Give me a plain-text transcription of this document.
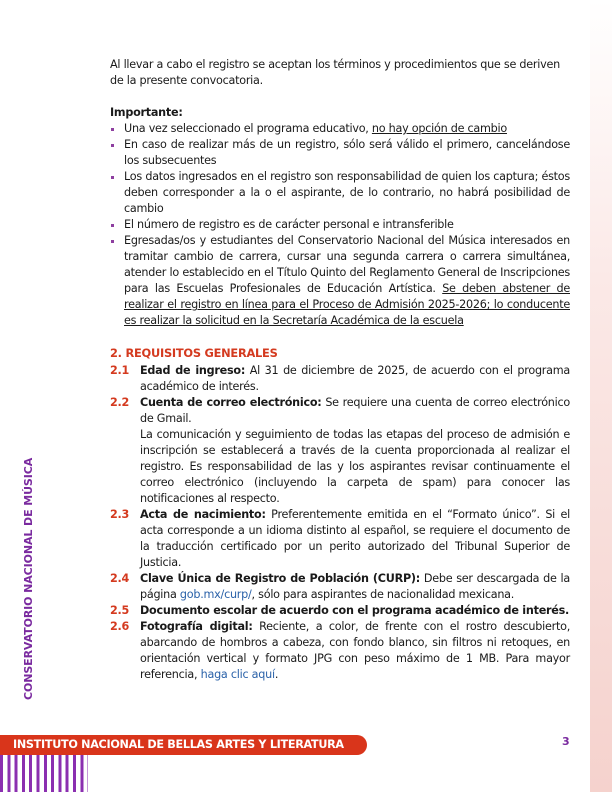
Al llevar a cabo el registro se aceptan los términos y procedimientos que se deriven de la presente convocatoria.

Importante:

Una vez seleccionado el programa educativo, no hay opción de cambio
En caso de realizar más de un registro, sólo será válido el primero, cancelándose los subsecuentes
Los datos ingresados en el registro son responsabilidad de quien los captura; éstos deben corresponder a la o el aspirante, de lo contrario, no habrá posibilidad de cambio
El número de registro es de carácter personal e intransferible
Egresadas/os y estudiantes del Conservatorio Nacional del Música interesados en tramitar cambio de carrera, cursar una segunda carrera o carrera simultánea, atender lo establecido en el Título Quinto del Reglamento General de Inscripciones para las Escuelas Profesionales de Educación Artística. Se deben abstener de realizar el registro en línea para el Proceso de Admisión 2025-2026; lo conducente es realizar la solicitud en la Secretaría Académica de la escuela
2. REQUISITOS GENERALES
2.1 Edad de ingreso: Al 31 de diciembre de 2025, de acuerdo con el programa académico de interés.
2.2 Cuenta de correo electrónico: Se requiere una cuenta de correo electrónico de Gmail.
La comunicación y seguimiento de todas las etapas del proceso de admisión e inscripción se establecerá a través de la cuenta proporcionada al realizar el registro. Es responsabilidad de las y los aspirantes revisar continuamente el correo electrónico (incluyendo la carpeta de spam) para conocer las notificaciones al respecto.
2.3 Acta de nacimiento: Preferentemente emitida en el “Formato único”. Si el acta corresponde a un idioma distinto al español, se requiere el documento de la traducción certificado por un perito autorizado del Tribunal Superior de Justicia.
2.4 Clave Única de Registro de Población (CURP): Debe ser descargada de la página gob.mx/curp/, sólo para aspirantes de nacionalidad mexicana.
2.5 Documento escolar de acuerdo con el programa académico de interés.
2.6 Fotografía digital: Reciente, a color, de frente con el rostro descubierto, abarcando de hombros a cabeza, con fondo blanco, sin filtros ni retoques, en orientación vertical y formato JPG con peso máximo de 1 MB. Para mayor referencia, haga clic aquí.
CONSERVATORIO NACIONAL DE MÚSICA
INSTITUTO NACIONAL DE BELLAS ARTES Y LITERATURA	3
